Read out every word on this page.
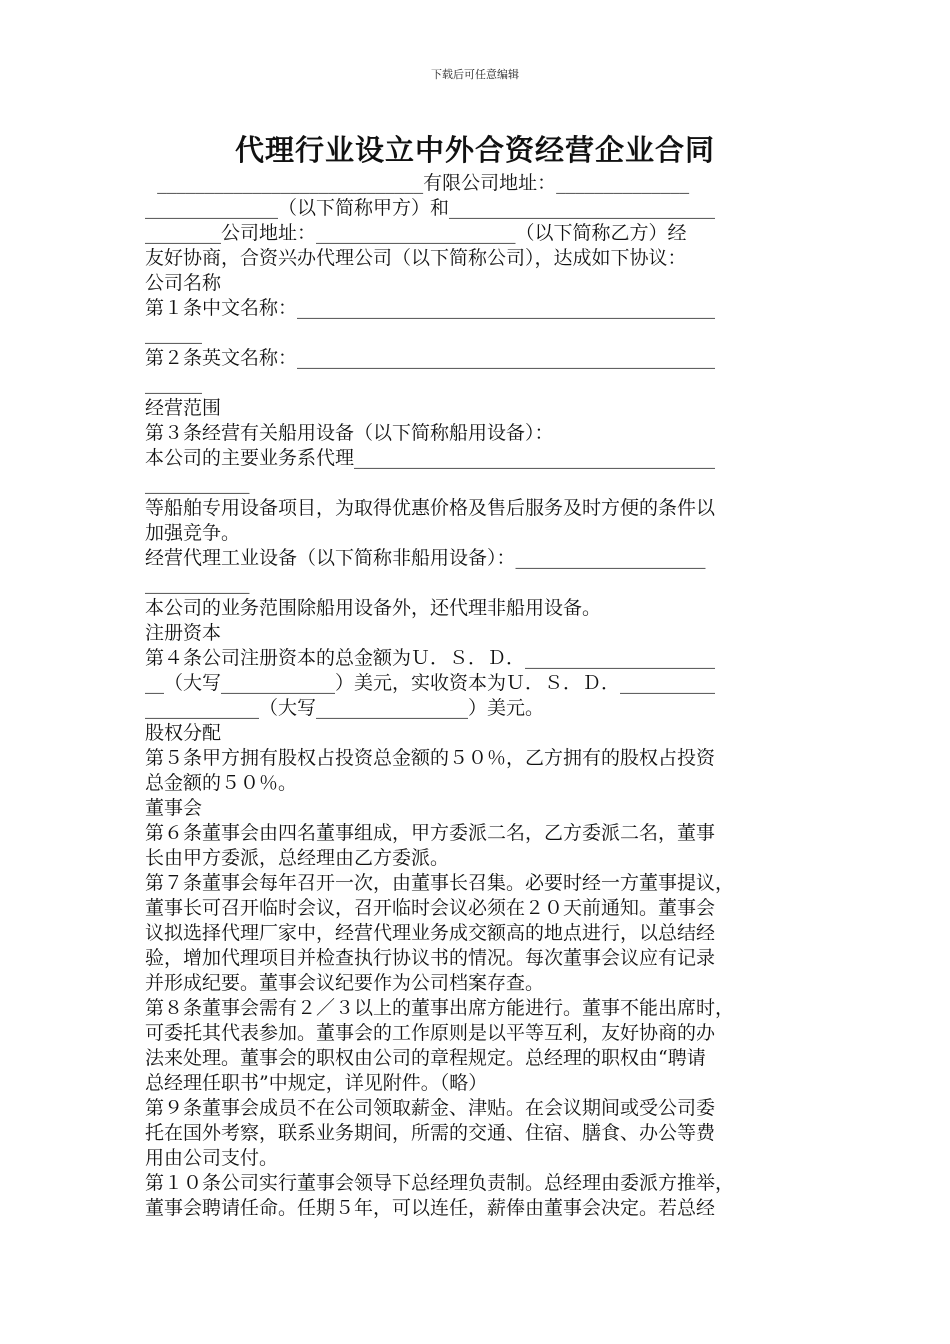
下载后可任意编辑
代理行业设立中外合资经营企业合同
____________________________有限公司地址：______________
______________（以下简称甲方）和____________________________
________公司地址：_____________________（以下简称乙方）经
友好协商，合资兴办代理公司（以下简称公司），达成如下协议：
公司名称
第１条中文名称：____________________________________________
______
第２条英文名称：____________________________________________
______
经营范围
第３条经营有关船用设备（以下简称船用设备）：
本公司的主要业务系代理______________________________________
___________
等船舶专用设备项目，为取得优惠价格及售后服务及时方便的条件以
加强竞争。
经营代理工业设备（以下简称非船用设备）：____________________
___________
本公司的业务范围除船用设备外，还代理非船用设备。
注册资本
第４条公司注册资本的总金额为Ｕ．Ｓ．Ｄ．____________________
__（大写____________）美元，实收资本为Ｕ．Ｓ．Ｄ．__________
____________（大写________________）美元。
股权分配
第５条甲方拥有股权占投资总金额的５０％，乙方拥有的股权占投资
总金额的５０％。
董事会
第６条董事会由四名董事组成，甲方委派二名，乙方委派二名，董事
长由甲方委派，总经理由乙方委派。
第７条董事会每年召开一次，由董事长召集。必要时经一方董事提议，
董事长可召开临时会议，召开临时会议必须在２０天前通知。董事会
议拟选择代理厂家中，经营代理业务成交额高的地点进行，以总结经
验，增加代理项目并检查执行协议书的情况。每次董事会议应有记录
并形成纪要。董事会议纪要作为公司档案存查。
第８条董事会需有２／３以上的董事出席方能进行。董事不能出席时，
可委托其代表参加。董事会的工作原则是以平等互利，友好协商的办
法来处理。董事会的职权由公司的章程规定。总经理的职权由“聘请
总经理任职书”中规定，详见附件。（略）
第９条董事会成员不在公司领取薪金、津贴。在会议期间或受公司委
托在国外考察，联系业务期间，所需的交通、住宿、膳食、办公等费
用由公司支付。
第１０条公司实行董事会领导下总经理负责制。总经理由委派方推举，
董事会聘请任命。任期５年，可以连任，薪俸由董事会决定。若总经
